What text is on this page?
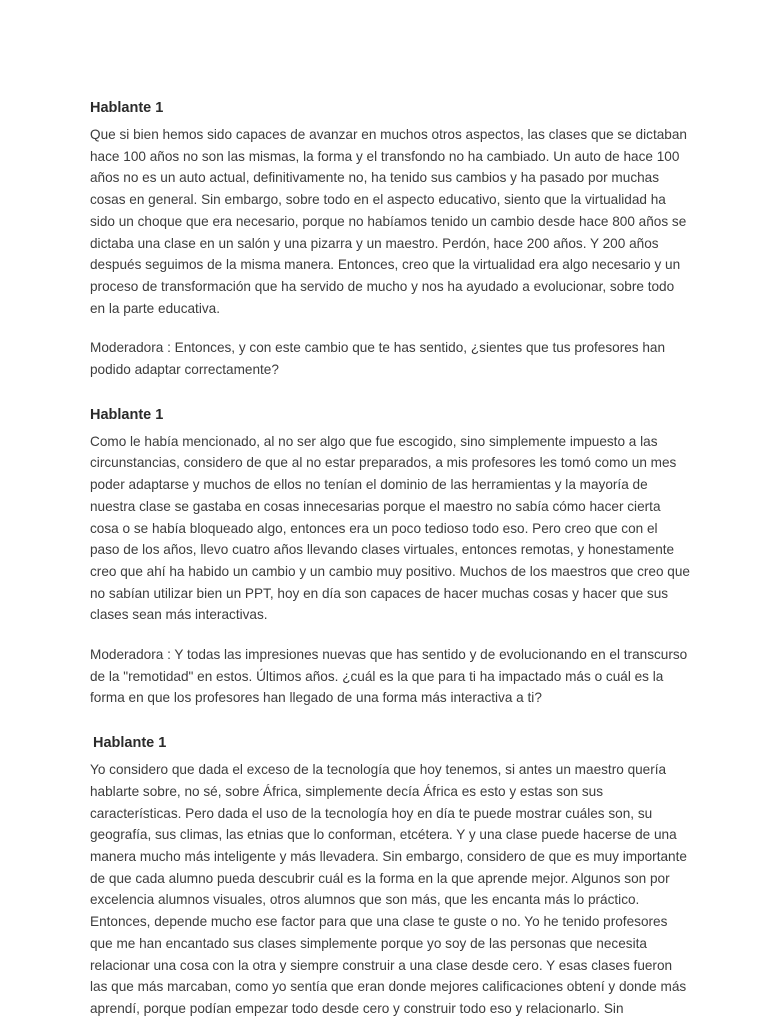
Hablante 1

Que si bien hemos sido capaces de avanzar en muchos otros aspectos, las clases que se dictaban hace 100 años no son las mismas, la forma y el transfondo no ha cambiado. Un auto de hace 100 años no es un auto actual, definitivamente no, ha tenido sus cambios y ha pasado por muchas cosas en general. Sin embargo, sobre todo en el aspecto educativo, siento que la virtualidad ha sido un choque que era necesario, porque no habíamos tenido un cambio desde hace 800 años se dictaba una clase en un salón y una pizarra y un maestro. Perdón, hace 200 años. Y 200 años después seguimos de la misma manera. Entonces, creo que la virtualidad era algo necesario y un proceso de transformación que ha servido de mucho y nos ha ayudado a evolucionar, sobre todo en la parte educativa.

Moderadora : Entonces, y con este cambio que te has sentido, ¿sientes que tus profesores han podido adaptar correctamente?

Hablante 1

Como le había mencionado, al no ser algo que fue escogido, sino simplemente impuesto a las circunstancias, considero de que al no estar preparados, a mis profesores les tomó como un mes poder adaptarse y muchos de ellos no tenían el dominio de las herramientas y la mayoría de nuestra clase se gastaba en cosas innecesarias porque el maestro no sabía cómo hacer cierta cosa o se había bloqueado algo, entonces era un poco tedioso todo eso. Pero creo que con el paso de los años, llevo cuatro años llevando clases virtuales, entonces remotas, y honestamente creo que ahí ha habido un cambio y un cambio muy positivo. Muchos de los maestros que creo que no sabían utilizar bien un PPT, hoy en día son capaces de hacer muchas cosas y hacer que sus clases sean más interactivas.

Moderadora : Y todas las impresiones nuevas que has sentido y de evolucionando en el transcurso de la "remotidad" en estos. Últimos años. ¿cuál es la que para ti ha impactado más o cuál es la forma en que los profesores han llegado de una forma más interactiva a ti?

Hablante 1

Yo considero que dada el exceso de la tecnología que hoy tenemos, si antes un maestro quería hablarte sobre, no sé, sobre África, simplemente decía África es esto y estas son sus características. Pero dada el uso de la tecnología hoy en día te puede mostrar cuáles son, su geografía, sus climas, las etnias que lo conforman, etcétera. Y y una clase puede hacerse de una manera mucho más inteligente y más llevadera. Sin embargo, considero de que es muy importante de que cada alumno pueda descubrir cuál es la forma en la que aprende mejor. Algunos son por excelencia alumnos visuales, otros alumnos que son más, que les encanta más lo práctico. Entonces, depende mucho ese factor para que una clase te guste o no. Yo he tenido profesores que me han encantado sus clases simplemente porque yo soy de las personas que necesita relacionar una cosa con la otra y siempre construir a una clase desde cero. Y esas clases fueron las que más marcaban, como yo sentía que eran donde mejores calificaciones obtení y donde más aprendí, porque podían empezar todo desde cero y construir todo eso y relacionarlo. Sin
